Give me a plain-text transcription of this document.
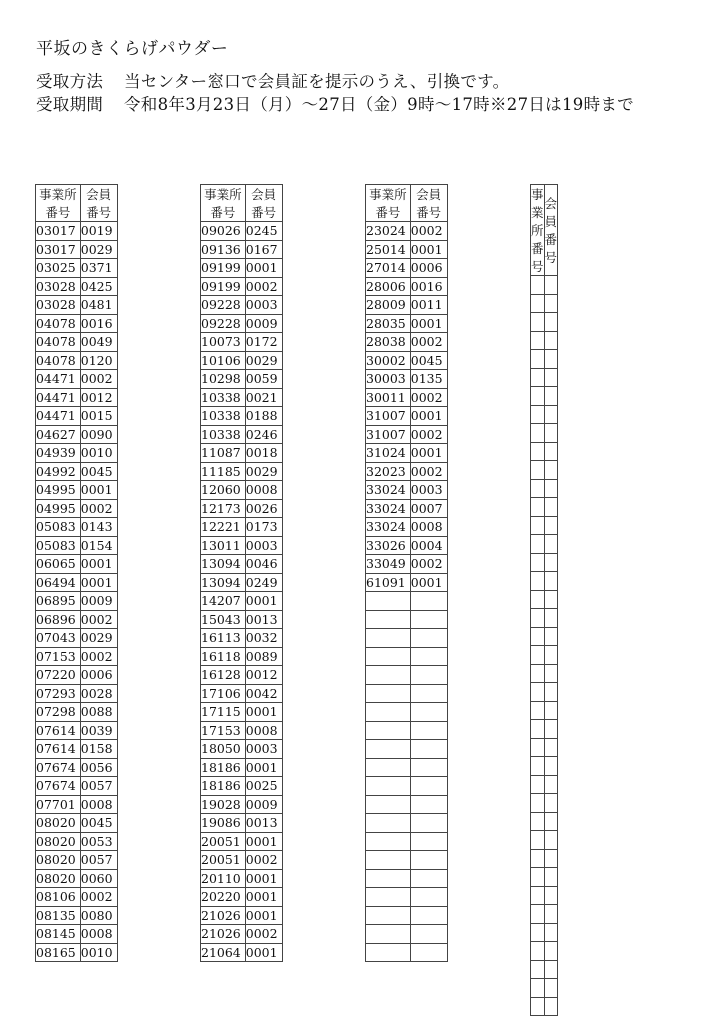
平坂のきくらげパウダー
受取方法 当センター窓口で会員証を提示のうえ、引換です。
受取期間 令和8年3月23日（月）～27日（金）9時～17時※27日は19時まで
事業所番号	会員番号
03017	0019
03017	0029
03025	0371
03028	0425
03028	0481
04078	0016
04078	0049
04078	0120
04471	0002
04471	0012
04471	0015
04627	0090
04939	0010
04992	0045
04995	0001
04995	0002
05083	0143
05083	0154
06065	0001
06494	0001
06895	0009
06896	0002
07043	0029
07153	0002
07220	0006
07293	0028
07298	0088
07614	0039
07614	0158
07674	0056
07674	0057
07701	0008
08020	0045
08020	0053
08020	0057
08020	0060
08106	0002
08135	0080
08145	0008
08165	0010
事業所番号	会員番号
09026	0245
09136	0167
09199	0001
09199	0002
09228	0003
09228	0009
10073	0172
10106	0029
10298	0059
10338	0021
10338	0188
10338	0246
11087	0018
11185	0029
12060	0008
12173	0026
12221	0173
13011	0003
13094	0046
13094	0249
14207	0001
15043	0013
16113	0032
16118	0089
16128	0012
17106	0042
17115	0001
17153	0008
18050	0003
18186	0001
18186	0025
19028	0009
19086	0013
20051	0001
20051	0002
20110	0001
20220	0001
21026	0001
21026	0002
21064	0001
事業所番号	会員番号
23024	0002
25014	0001
27014	0006
28006	0016
28009	0011
28035	0001
28038	0002
30002	0045
30003	0135
30011	0002
31007	0001
31007	0002
31024	0001
32023	0002
33024	0003
33024	0007
33024	0008
33026	0004
33049	0002
61091	0001

事業所番号	会員番号
